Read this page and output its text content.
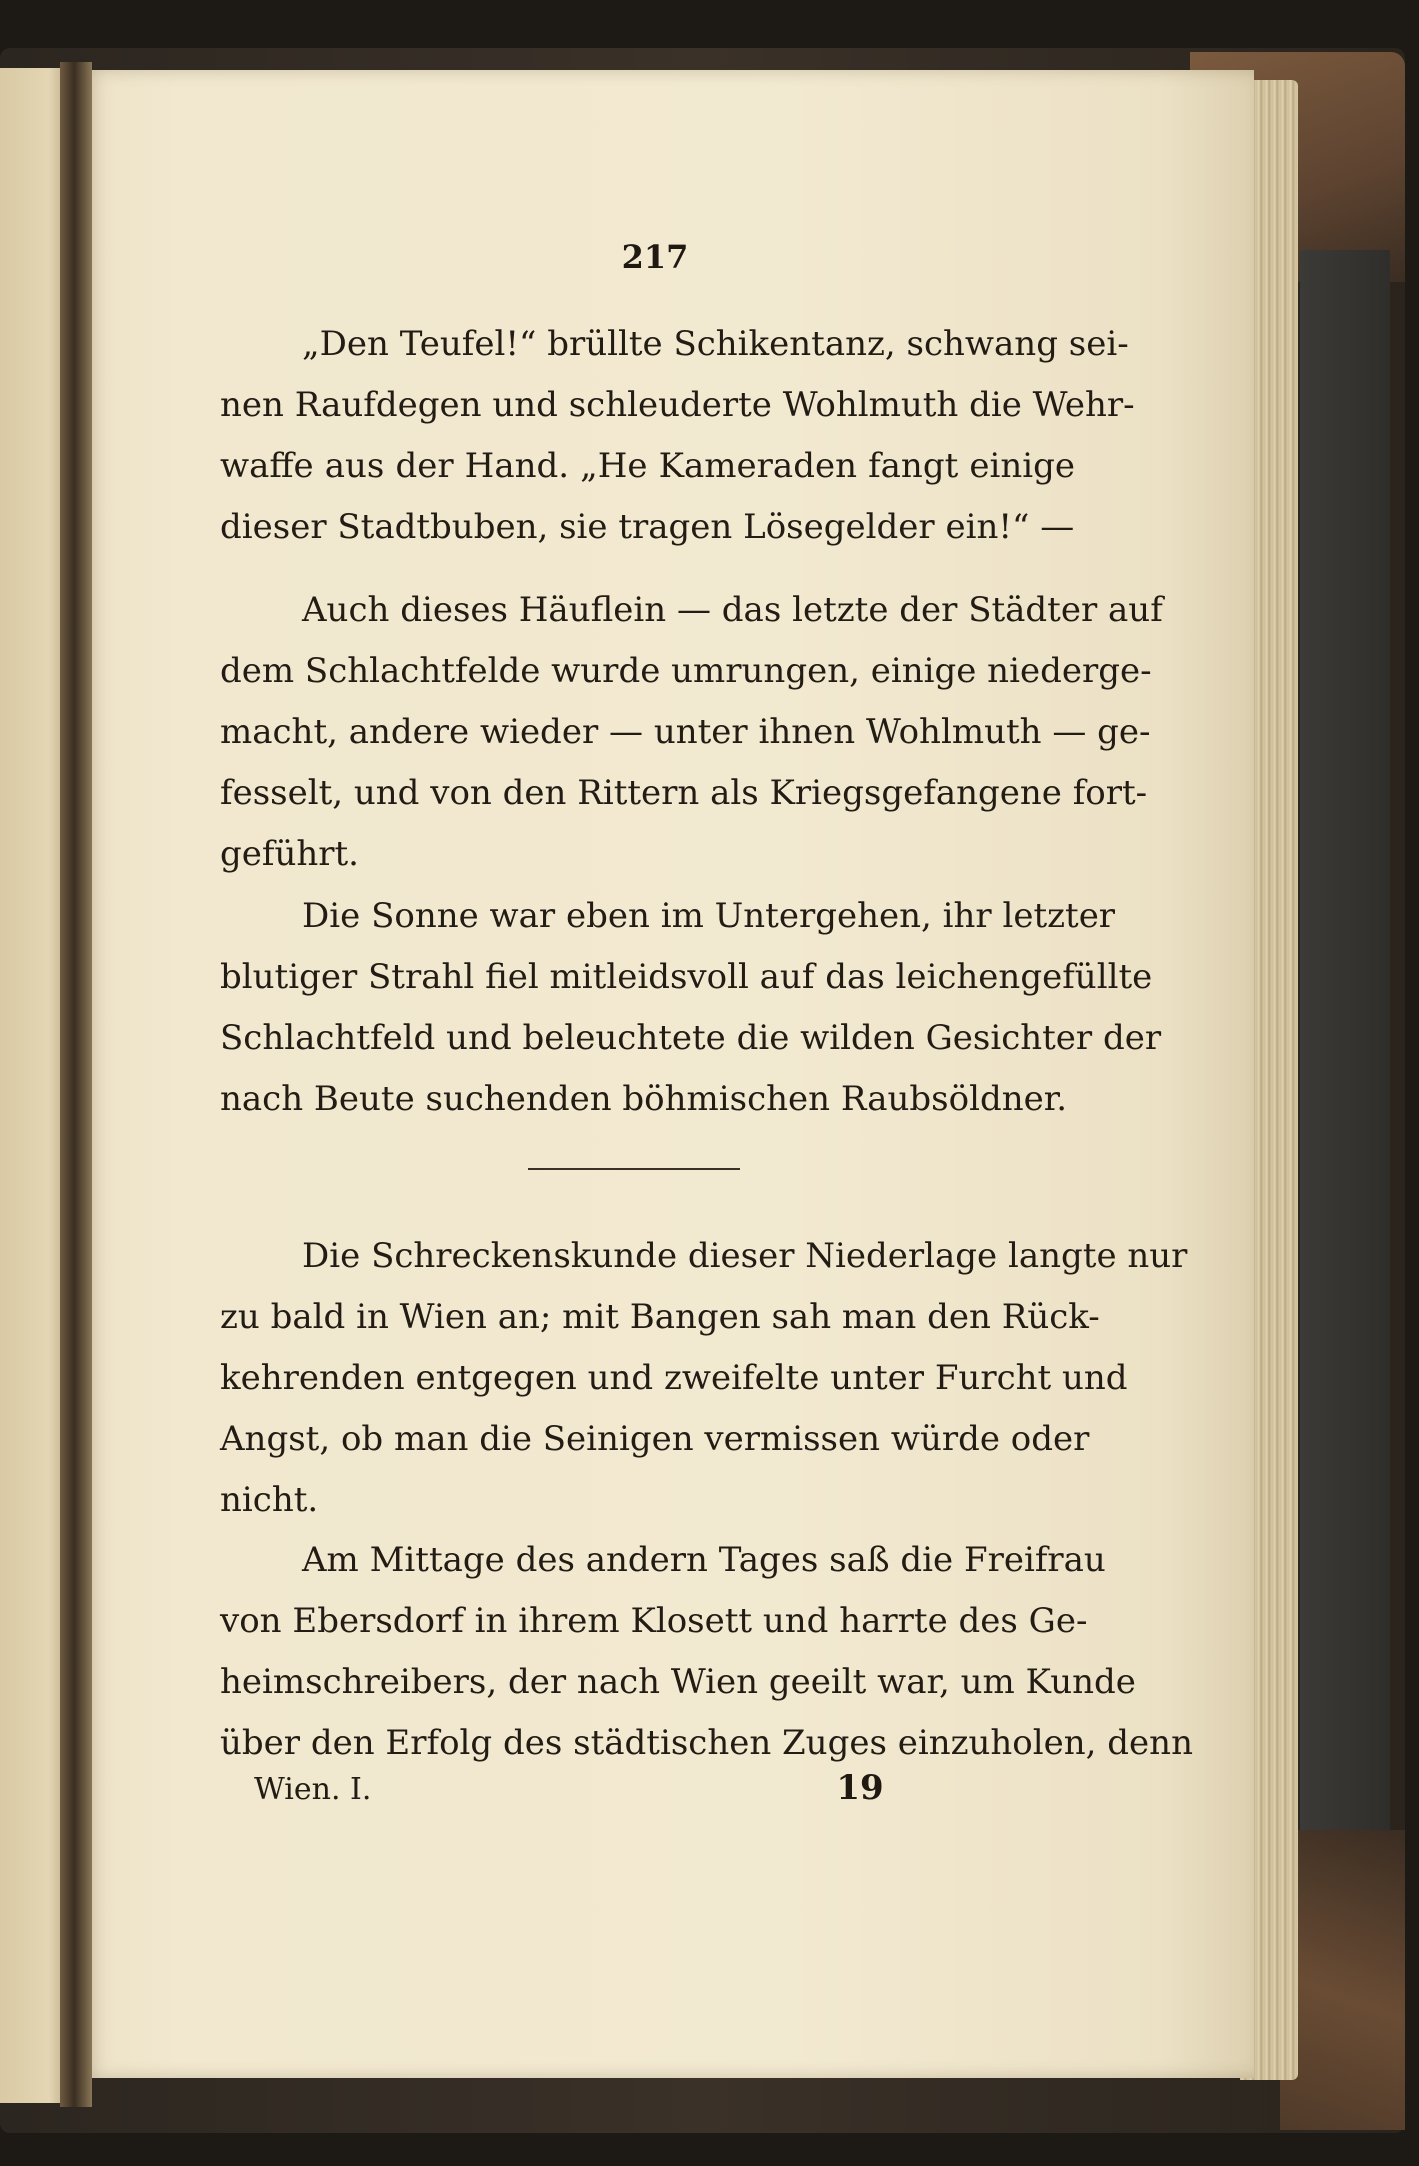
217
„Den Teufel!“ brüllte Schikentanz, schwang sei-
nen Raufdegen und schleuderte Wohlmuth die Wehr-
waffe aus der Hand. „He Kameraden fangt einige
dieser Stadtbuben, sie tragen Lösegelder ein!“ —
Auch dieses Häuflein — das letzte der Städter auf
dem Schlachtfelde wurde umrungen, einige niederge-
macht, andere wieder — unter ihnen Wohlmuth — ge-
fesselt, und von den Rittern als Kriegsgefangene fort-
geführt.
Die Sonne war eben im Untergehen, ihr letzter
blutiger Strahl fiel mitleidsvoll auf das leichengefüllte
Schlachtfeld und beleuchtete die wilden Gesichter der
nach Beute suchenden böhmischen Raubsöldner.
Die Schreckenskunde dieser Niederlage langte nur
zu bald in Wien an; mit Bangen sah man den Rück-
kehrenden entgegen und zweifelte unter Furcht und
Angst, ob man die Seinigen vermissen würde oder
nicht.
Am Mittage des andern Tages saß die Freifrau
von Ebersdorf in ihrem Klosett und harrte des Ge-
heimschreibers, der nach Wien geeilt war, um Kunde
über den Erfolg des städtischen Zuges einzuholen, denn
Wien. I.	19
